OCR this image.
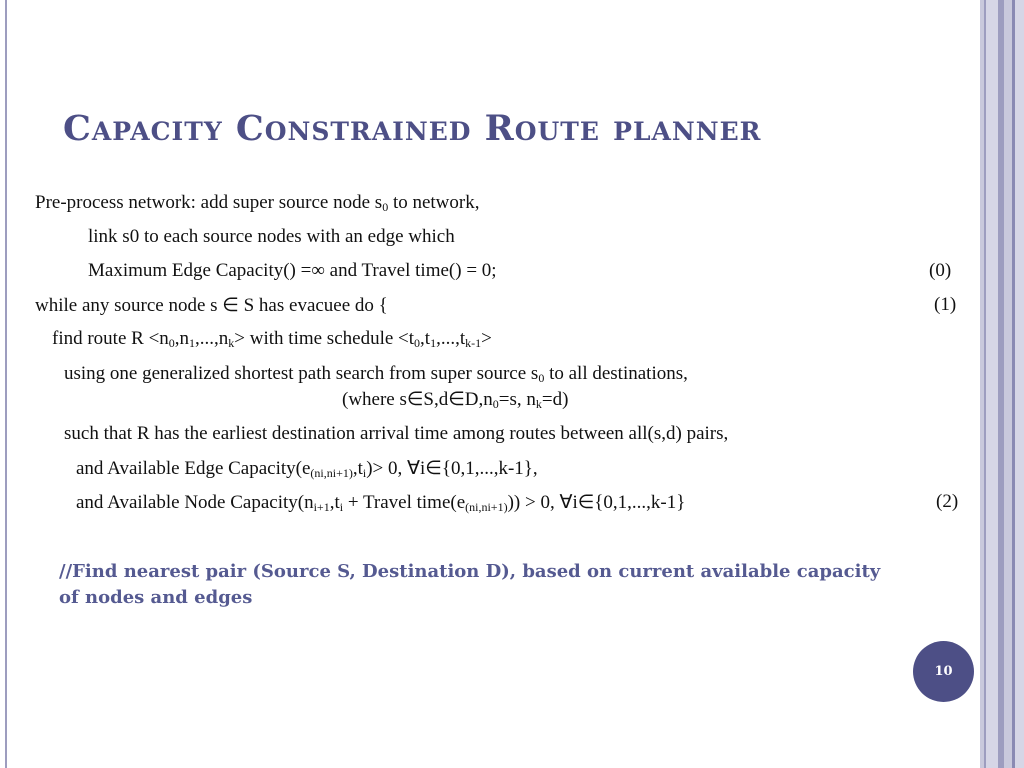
Capacity Constrained Route planner
Pre-process network: add super source node $s_0$ to network,
link s0 to each source nodes with an edge which
Maximum Edge Capacity() =∞ and Travel time() = 0;	(0)
while any source node s ∈ S has evacuee do {	(1)
find route $R <n_0,n_1,...,n_k>$ with time schedule $<t_0,t_1,...,t_{k-1}>$
using one generalized shortest path search from super source $s_0$ to all destinations,
(where $s\in S,d\in D,n_0=s$, $n_k=d$)
such that R has the earliest destination arrival time among routes between all(s,d) pairs,
and Available Edge $Capacity(e_{(ni,ni+1)},t_i)> 0$, ∀i∈{0,1,...,k-1},
and Available Node $Capacity(n_{i+1},t_i$ + Travel $time(e_{(ni,ni+1)})) > 0$, ∀i∈{0,1,...,k-1}	(2)
//Find nearest pair (Source S, Destination D), based on current available capacity of nodes and edges
10
